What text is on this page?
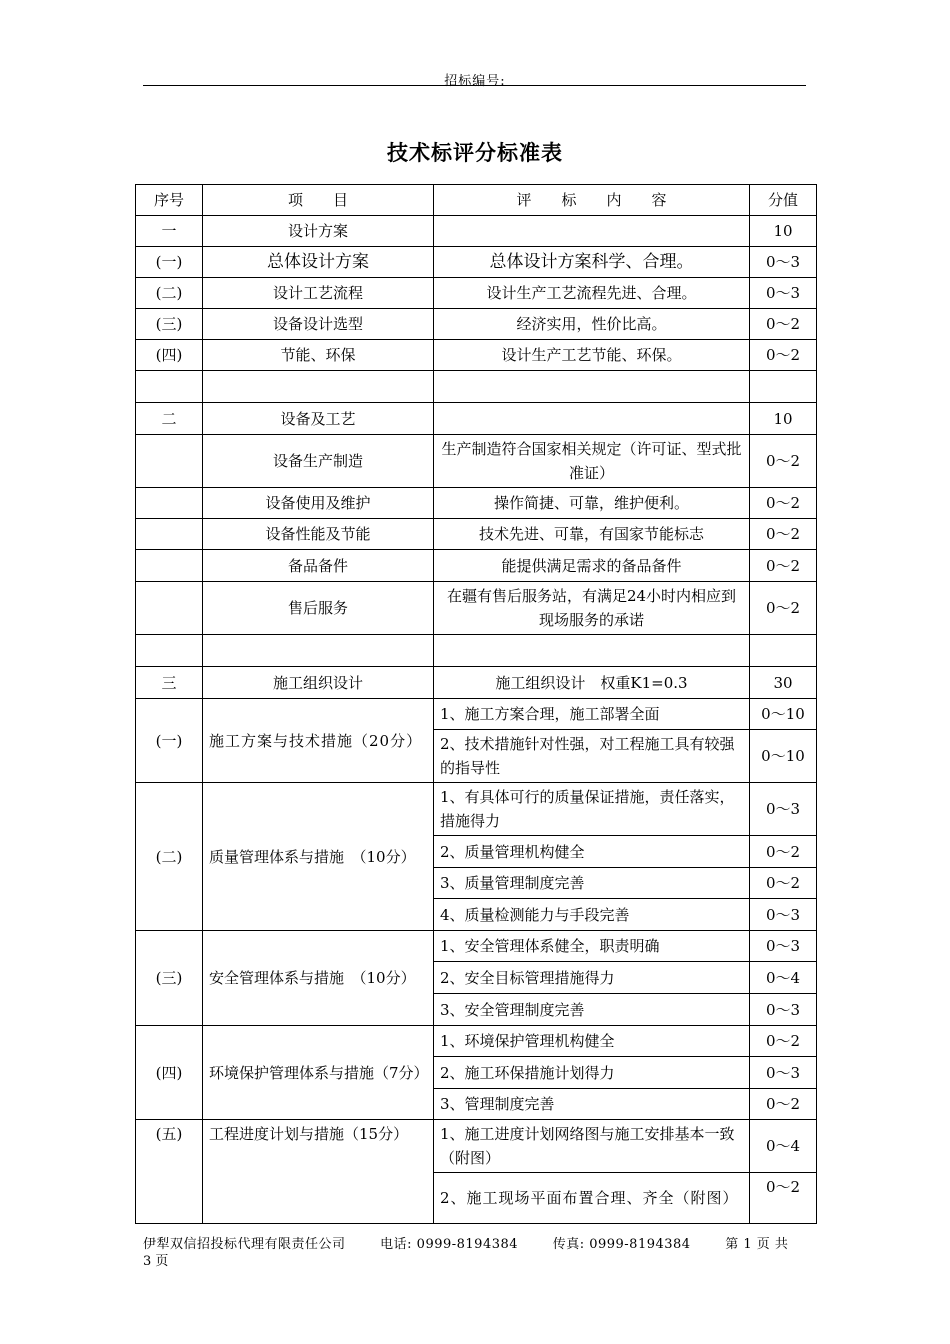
招标编号:
技术标评分标准表
序号	项　　目	评　　标　　内　　容	分值
一	设计方案		10
(一)	总体设计方案	总体设计方案科学、合理。	0～3
(二)	设计工艺流程	设计生产工艺流程先进、合理。	0～3
(三)	设备设计选型	经济实用，性价比高。	0～2
(四)	节能、环保	设计生产工艺节能、环保。	0～2

二	设备及工艺		10
	设备生产制造	生产制造符合国家相关规定（许可证、型式批准证）	0～2
	设备使用及维护	操作简捷、可靠，维护便利。	0～2
	设备性能及节能	技术先进、可靠，有国家节能标志	0～2
	备品备件	能提供满足需求的备品备件	0～2
	售后服务	在疆有售后服务站，有满足24小时内相应到现场服务的承诺	0～2

三	施工组织设计	施工组织设计　权重K1=0.3	30
(一)	施工方案与技术措施（20分）	1、施工方案合理，施工部署全面	0～10
		2、技术措施针对性强，对工程施工具有较强的指导性	0～10
(二)	质量管理体系与措施　（10分）	1、有具体可行的质量保证措施，责任落实，措施得力	0～3
		2、质量管理机构健全	0～2
		3、质量管理制度完善	0～2
		4、质量检测能力与手段完善	0～3
(三)	安全管理体系与措施　（10分）	1、安全管理体系健全，职责明确	0～3
		2、安全目标管理措施得力	0～4
		3、安全管理制度完善	0～3
(四)	环境保护管理体系与措施（7分）	1、环境保护管理机构健全	0～2
		2、施工环保措施计划得力	0～3
		3、管理制度完善	0～2
(五)	工程进度计划与措施（15分）	1、施工进度计划网络图与施工安排基本一致（附图）	0～4
		2、施工现场平面布置合理、齐全（附图）	0～2
伊犁双信招投标代理有限责任公司	电话: 0999-8194384	传真: 0999-8194384	第 1 页 共
3 页
